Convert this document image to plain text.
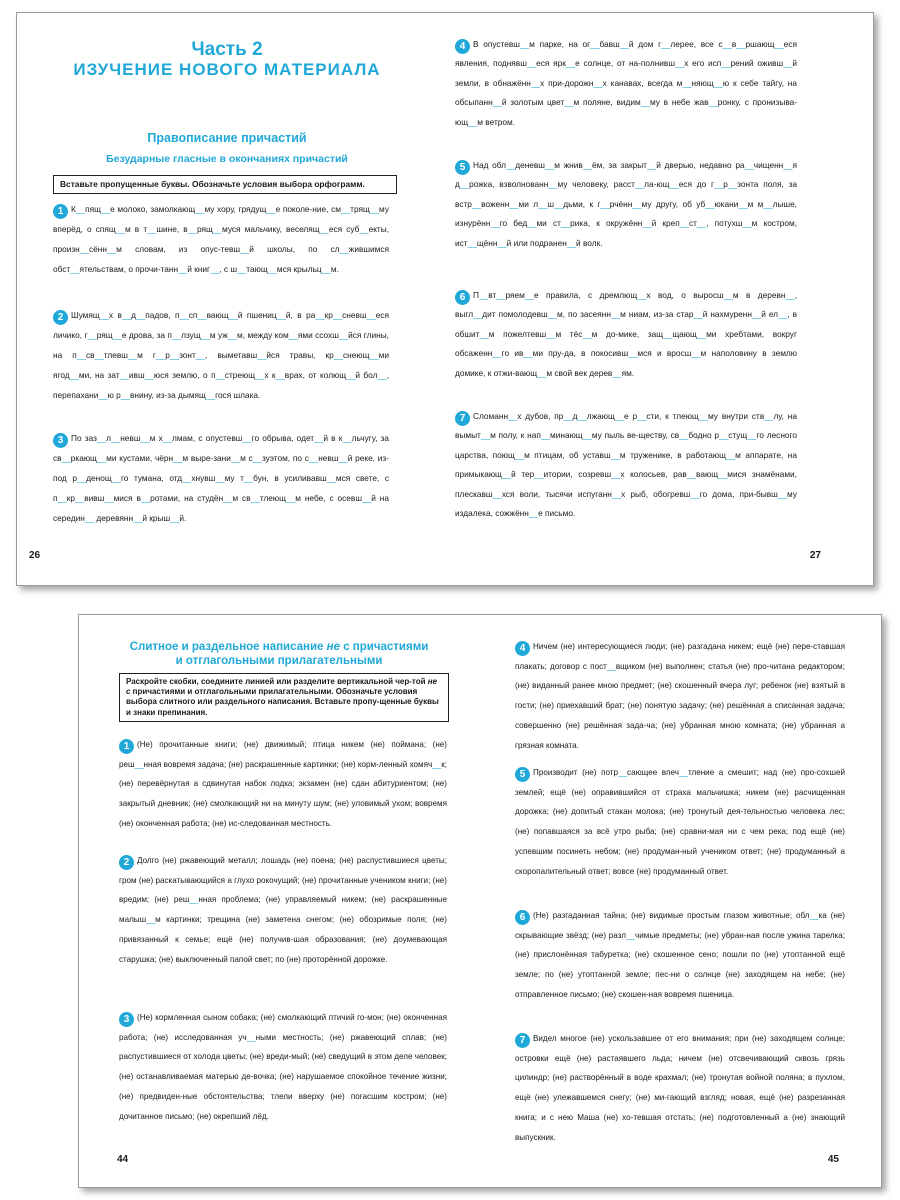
Часть 2
ИЗУЧЕНИЕ НОВОГО МАТЕРИАЛА
Правописание причастий
Безударные гласные в окончаниях причастий
Вставьте пропущенные буквы. Обозначьте условия выбора орфограмм.
1 К__пящ__е молоко, замолкающ__му хору, грядущ__е поколе-ние, см__трящ__му вперёд, о спящ__м в т__шине, в__рящ__муся мальчику, веселящ__еся суб__екты, произн__сённ__м словам, из опус-тевш__й школы, по сл__жившимся обст__ятельствам, о прочи-танн__й книг__, с ш__тающ__мся крыльц__м.
2 Шумящ__х в__д__падов, п__сп__вающ__й пшениц__й, в ра__кр__сневш__еся личико, г__рящ__е дрова, за п__лзущ__м уж__м, между ком__ями ссохш__йся глины, на п__св__тлевш__м г__р__зонт__, выметавш__йся травы, кр__снеющ__ми ягод__ми, на зат__ивш__юся землю, о п__стреющ__х к__врах, от колющ__й бол__, перепахани__ю р__внину, из-за дымящ__гося шлака.
3 По заз__л__невш__м х__лмам, с опустевш__го обрыва, одет__й в к__льчугу, за св__ркающ__ми кустами, чёрн__м выре-зани__м с__зуэтом, по с__невш__й реке, из-под р__денощ__го тумана, отд__хнувш__му т__бун, в усиливавш__мся свете, с п__кр__вивш__мися в__ротами, на студён__м св__тлеющ__м небе, с осевш__й на середин__ деревянн__й крыш__й.
26
4 В опустевш__м парке, на ог__бавш__й дом г__лерее, все с__в__ршающ__еся явления, поднявш__еся ярк__е солнце, от на-полнивш__х его исп__рений оживш__й земли, в обнажённ__х при-дорожн__х канавах, всегда м__няющ__ю к себе тайгу, на обсыпанн__й золотым цвет__м поляне, видим__му в небе жав__ронку, с пронизыва-ющ__м ветром.
5 Над обл__деневш__м жнив__ём, за закрыт__й дверью, недавно ра__чищенн__я д__рожка, взволнованн__му человеку, расст__ла-ющ__еся до г__р__зонта поля, за встр__воженн__ми л__ш__дьми, к г__рчённ__му другу, об уб__юкани__м м__лыше, изнурённ__го бед__ми ст__рика, к окружённ__й креп__ст__, потухш__м костром, ист__щённ__й или подранен__й волк.
6 П__вт__ряем__е правила, с дремлющ__х вод, о выросш__м в деревн__, выгл__дит помолодевш__м, по засеянн__м ниам, из-за стар__й нахмуренн__й ел__, в обшит__м пожелтевш__м тёс__м до-мике, защ__щающ__ми хребтами, вокруг обсаженн__го ив__ми пру-да, в покосивш__мся и вросш__м наполовину в землю домике, к отжи-вающ__м свой век дерев__ям.
7 Сломанн__х дубов, пр__д__лжающ__е р__сти, к тлеющ__му внутри ств__лу, на вымыт__м полу, к нап__минающ__му пыль ве-ществу, св__бодно р__стущ__го лесного царства, поющ__м птицам, об уставш__м труженике, в работающ__м аппарате, на примыкающ__й тер__итории, созревш__х колосьев, рав__вающ__мися знамёнами, плескавш__хся воли, тысячи испуганн__х рыб, обогревш__го дома, при-бывш__му издалека, сожжённ__е письмо.
27
Слитное и раздельное написание не с причастиями
и отглагольными прилагательными
Раскройте скобки, соедините линией или разделите вертикальной чер-той не с причастиями и отглагольными прилагательными. Обозначьте условия выбора слитного или раздельного написания. Вставьте пропу-щенные буквы и знаки препинания.
1 (Не) прочитанные книги; (не) движимый; птица никем (не) поймана; (не) реш__нная вовремя задача; (не) раскрашенные картинки; (не) корм-ленный хомяч__к; (не) перевёрнутая а сдвинутая набок лодка; экзамен (не) сдан абитуриентом; (не) закрытый дневник; (не) смолкающий ни на минуту шум; (не) уловимый ухом; вовремя (не) оконченная работа; (не) ис-следованная местность.
2 Долго (не) ржавеющий металл; лошадь (не) поена; (не) распустившиеся цветы; гром (не) раскатывающийся а глухо рокочущий; (не) прочитанные учеником книги; (не) вредим; (не) реш__нная проблема; (не) управляемый никем; (не) раскрашенные малыш__м картинки; трещина (не) заметена снегом; (не) обозримые поля; (не) привязанный к семье; ещё (не) получив-шая образования; (не) доумевающая старушка; (не) выключенный папой свет; по (не) проторённой дорожке.
3 (Не) кормленная сыном собака; (не) смолкающий птичий го-мон; (не) оконченная работа; (не) исследованная уч__ными местность; (не) ржавеющий сплав; (не) распустившиеся от холода цветы; (не) вреди-мый; (не) сведущий в этом деле человек; (не) останавливаемая матерью де-вочка; (не) нарушаемое спокойное течение жизни; (не) предвиден-ные обстоятельства; тлели вверху (не) погасшим костром; (не) дочитанное письмо; (не) окрепший лёд.
44
4 Ничем (не) интересующиеся люди; (не) разгадана никем; ещё (не) пере-ставшая плакать; договор с пост__вщиком (не) выполнен; статья (не) про-читана редактором; (не) виданный ранее мною предмет; (не) скошенный вчера луг; ребенок (не) взятый в гости; (не) приехавший брат; (не) понятую задачу; (не) решённая а списанная задача; совершенно (не) решённая зада-ча; (не) убранная мною комната; (не) убранная а грязная комната.
5 Производит (не) потр__сающее впеч__тление а смешит; над (не) про-сохшей землей; ещё (не) оправившийся от страха мальчишка; никем (не) расчищенная дорожка; (не) допитый стакан молока; (не) тронутый дея-тельностью человека лес; (не) попавшаяся за всё утро рыба; (не) сравни-мая ни с чем река; под ещё (не) успевшим посинеть небом; (не) продуман-ный учеником ответ; (не) продуманный а скоропалительный ответ; вовсе (не) продуманный ответ.
6 (Не) разгаданная тайна; (не) видимые простым глазом животные; обл__ка (не) скрывающие звёзд; (не) разл__чимые предметы; (не) убран-ная после ужина тарелка; (не) прислонённая табуретка; (не) скошенное сено; пошли по (не) утоптанной ещё земле; по (не) утоптанной земле; пес-ни о солнце (не) заходящем на небе; (не) отправленное письмо; (не) скошен-ная вовремя пшеница.
7 Видел многое (не) ускользавшее от его внимания; при (не) заходящем солнце; островки ещё (не) растаявшего льда; ничем (не) отсвечивающий сквозь грязь цилиндр; (не) растворённый в воде крахмал; (не) тронутая войной поляна; в пухлом, ещё (не) улежавшемся снегу; (не) ми-гающий взгляд; новая, ещё (не) разрезанная книга; и с нею Маша (не) хо-тевшая отстать; (не) подготовленный а (не) знающий выпускник.
45
